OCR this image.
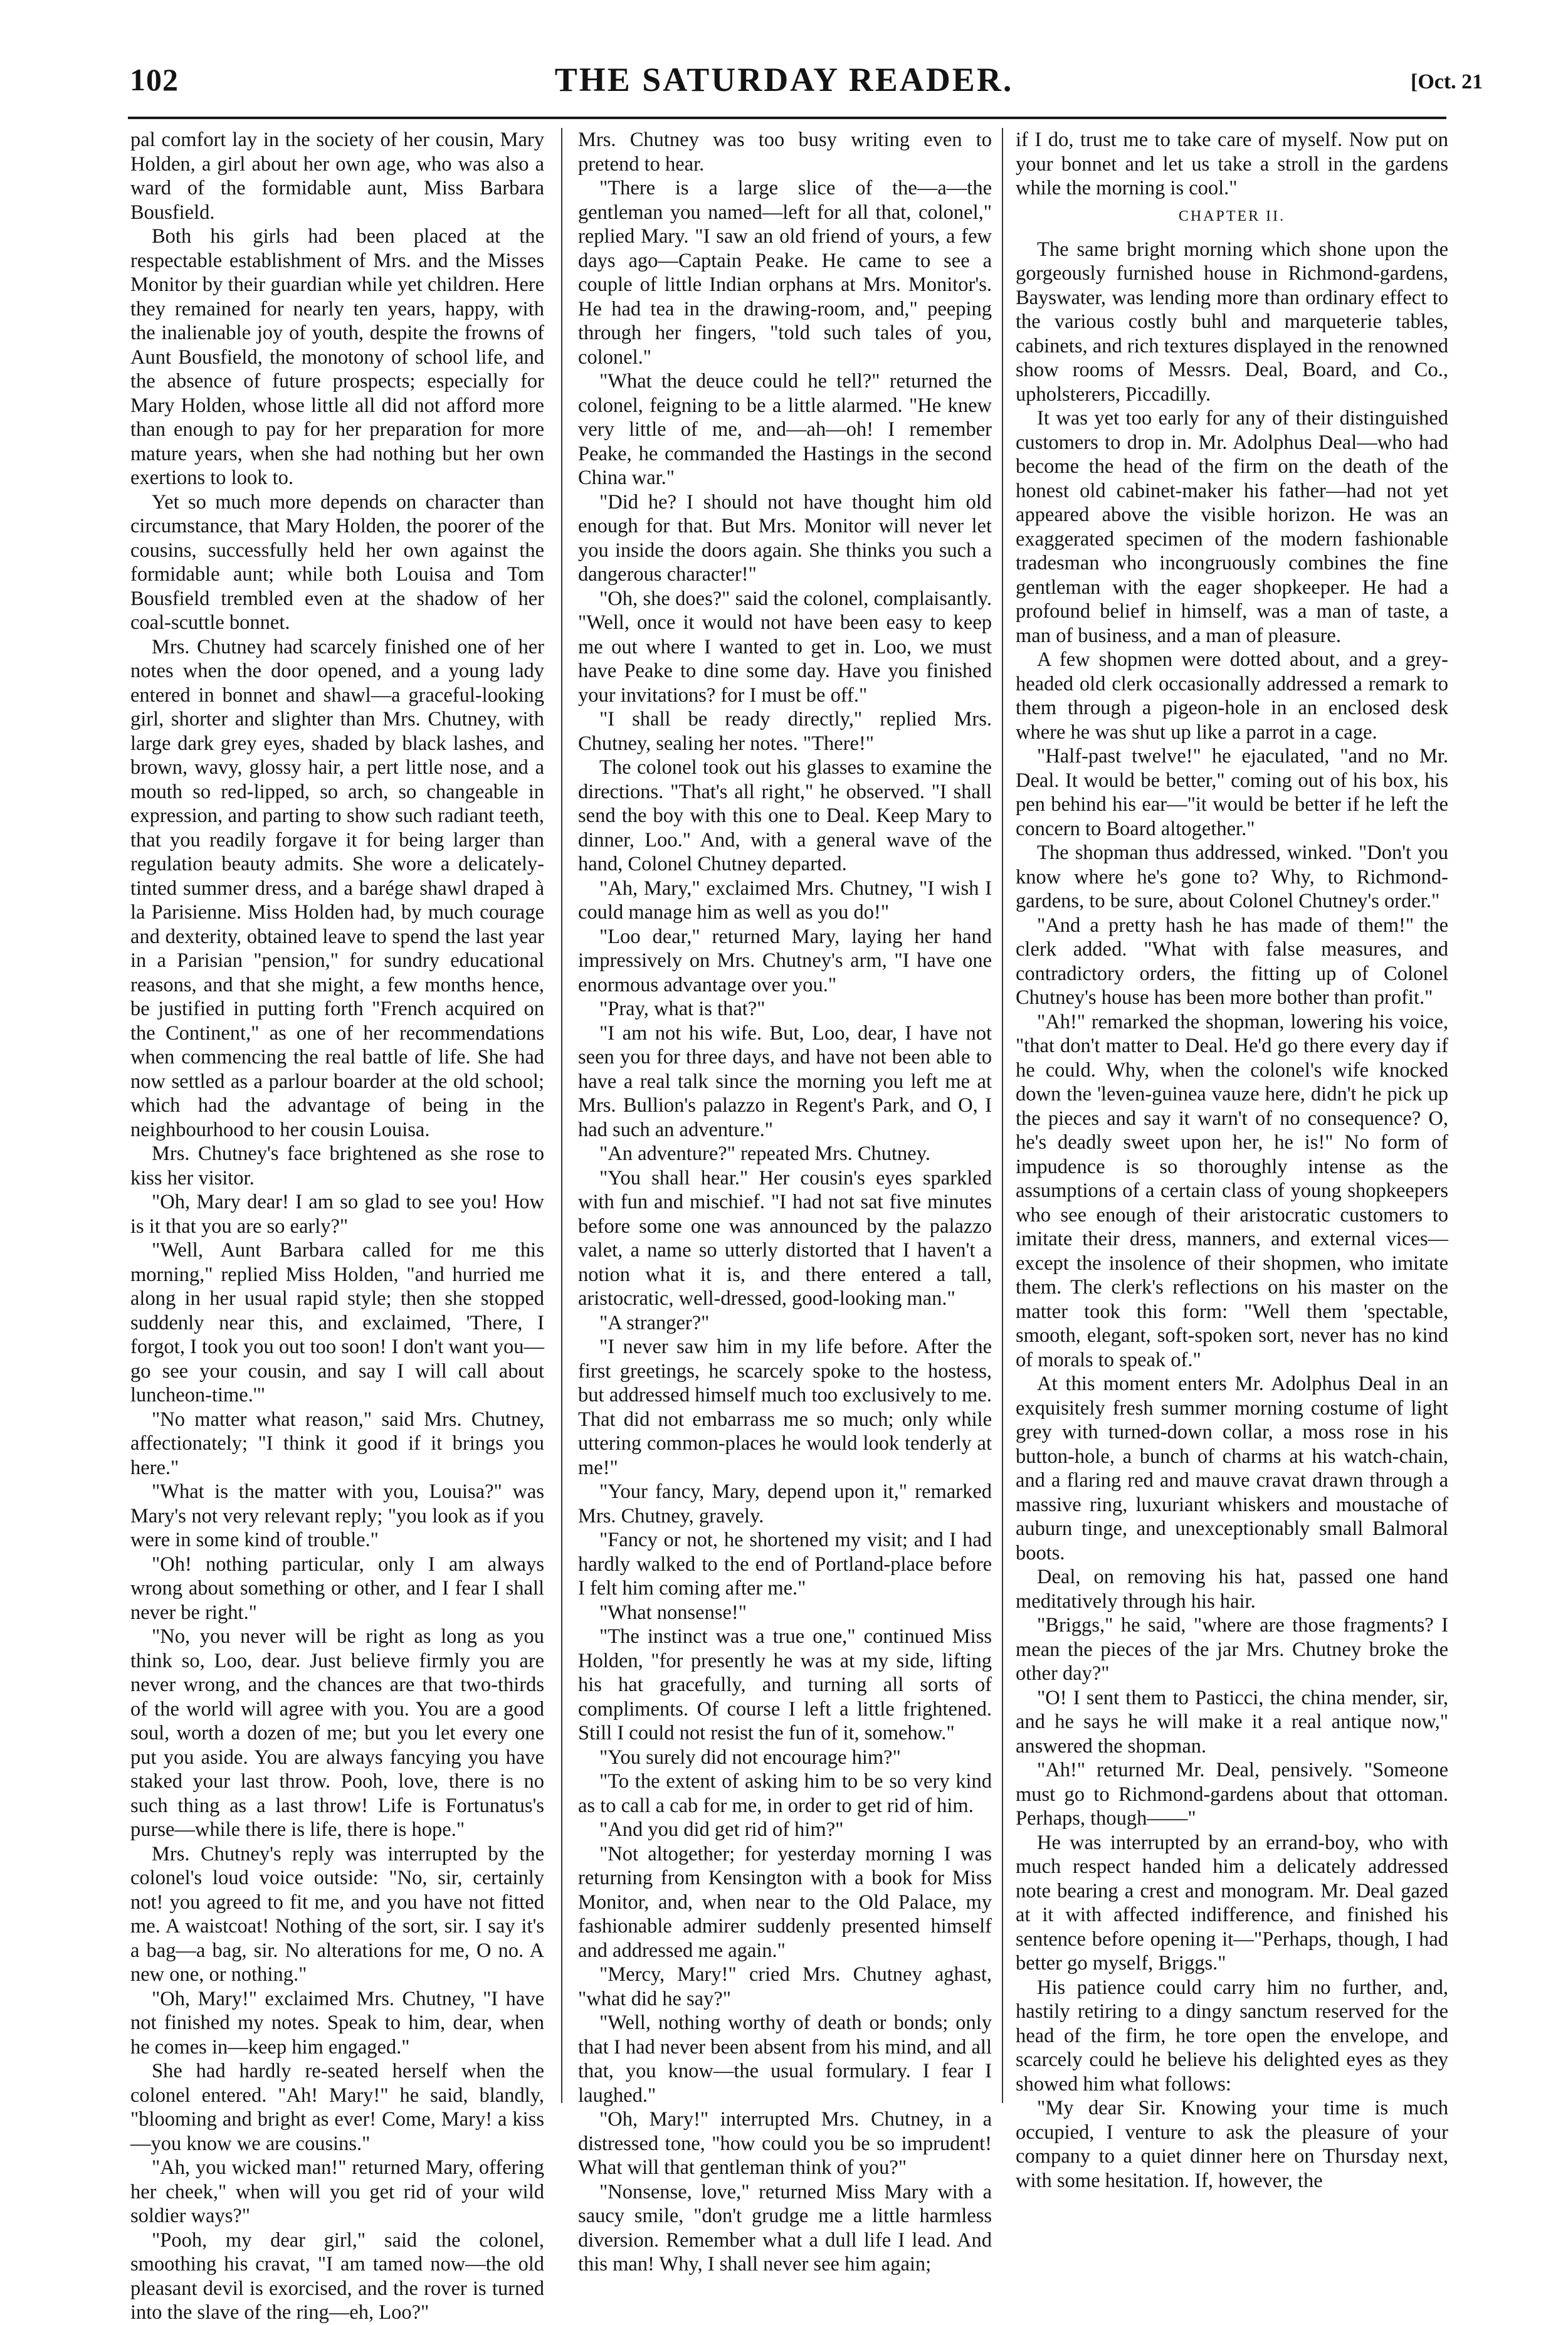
102	THE SATURDAY READER.	[Oct. 21

pal comfort lay in the society of her cousin, Mary Holden, a girl about her own age, who was also a ward of the formidable aunt, Miss Barbara Bousfield.

Both his girls had been placed at the respectable establishment of Mrs. and the Misses Monitor by their guardian while yet children. Here they remained for nearly ten years, happy, with the inalienable joy of youth, despite the frowns of Aunt Bousfield, the monotony of school life, and the absence of future prospects; especially for Mary Holden, whose little all did not afford more than enough to pay for her preparation for more mature years, when she had nothing but her own exertions to look to.

Yet so much more depends on character than circumstance, that Mary Holden, the poorer of the cousins, successfully held her own against the formidable aunt; while both Louisa and Tom Bousfield trembled even at the shadow of her coal-scuttle bonnet.

Mrs. Chutney had scarcely finished one of her notes when the door opened, and a young lady entered in bonnet and shawl—a graceful-looking girl, shorter and slighter than Mrs. Chutney, with large dark grey eyes, shaded by black lashes, and brown, wavy, glossy hair, a pert little nose, and a mouth so red-lipped, so arch, so changeable in expression, and parting to show such radiant teeth, that you readily forgave it for being larger than regulation beauty admits. She wore a delicately-tinted summer dress, and a barége shawl draped à la Parisienne. Miss Holden had, by much courage and dexterity, obtained leave to spend the last year in a Parisian "pension," for sundry educational reasons, and that she might, a few months hence, be justified in putting forth "French acquired on the Continent," as one of her recommendations when commencing the real battle of life. She had now settled as a parlour boarder at the old school; which had the advantage of being in the neighbourhood to her cousin Louisa.

Mrs. Chutney's face brightened as she rose to kiss her visitor.

"Oh, Mary dear! I am so glad to see you! How is it that you are so early?"

"Well, Aunt Barbara called for me this morning," replied Miss Holden, "and hurried me along in her usual rapid style; then she stopped suddenly near this, and exclaimed, 'There, I forgot, I took you out too soon! I don't want you—go see your cousin, and say I will call about luncheon-time.'"

"No matter what reason," said Mrs. Chutney, affectionately; "I think it good if it brings you here."

"What is the matter with you, Louisa?" was Mary's not very relevant reply; "you look as if you were in some kind of trouble."

"Oh! nothing particular, only I am always wrong about something or other, and I fear I shall never be right."

"No, you never will be right as long as you think so, Loo, dear. Just believe firmly you are never wrong, and the chances are that two-thirds of the world will agree with you. You are a good soul, worth a dozen of me; but you let every one put you aside. You are always fancying you have staked your last throw. Pooh, love, there is no such thing as a last throw! Life is Fortunatus's purse—while there is life, there is hope."

Mrs. Chutney's reply was interrupted by the colonel's loud voice outside: "No, sir, certainly not! you agreed to fit me, and you have not fitted me. A waistcoat! Nothing of the sort, sir. I say it's a bag—a bag, sir. No alterations for me, O no. A new one, or nothing."

"Oh, Mary!" exclaimed Mrs. Chutney, "I have not finished my notes. Speak to him, dear, when he comes in—keep him engaged."

She had hardly re-seated herself when the colonel entered. "Ah! Mary!" he said, blandly, "blooming and bright as ever! Come, Mary! a kiss—you know we are cousins."

"Ah, you wicked man!" returned Mary, offering her cheek," when will you get rid of your wild soldier ways?"

"Pooh, my dear girl," said the colonel, smoothing his cravat, "I am tamed now—the old pleasant devil is exorcised, and the rover is turned into the slave of the ring—eh, Loo?"

Mrs. Chutney was too busy writing even to pretend to hear.

"There is a large slice of the—a—the gentleman you named—left for all that, colonel," replied Mary. "I saw an old friend of yours, a few days ago—Captain Peake. He came to see a couple of little Indian orphans at Mrs. Monitor's. He had tea in the drawing-room, and," peeping through her fingers, "told such tales of you, colonel."

"What the deuce could he tell?" returned the colonel, feigning to be a little alarmed. "He knew very little of me, and—ah—oh! I remember Peake, he commanded the Hastings in the second China war."

"Did he? I should not have thought him old enough for that. But Mrs. Monitor will never let you inside the doors again. She thinks you such a dangerous character!"

"Oh, she does?" said the colonel, complaisantly. "Well, once it would not have been easy to keep me out where I wanted to get in. Loo, we must have Peake to dine some day. Have you finished your invitations? for I must be off."

"I shall be ready directly," replied Mrs. Chutney, sealing her notes. "There!"

The colonel took out his glasses to examine the directions. "That's all right," he observed. "I shall send the boy with this one to Deal. Keep Mary to dinner, Loo." And, with a general wave of the hand, Colonel Chutney departed.

"Ah, Mary," exclaimed Mrs. Chutney, "I wish I could manage him as well as you do!"

"Loo dear," returned Mary, laying her hand impressively on Mrs. Chutney's arm, "I have one enormous advantage over you."

"Pray, what is that?"

"I am not his wife. But, Loo, dear, I have not seen you for three days, and have not been able to have a real talk since the morning you left me at Mrs. Bullion's palazzo in Regent's Park, and O, I had such an adventure."

"An adventure?" repeated Mrs. Chutney.

"You shall hear." Her cousin's eyes sparkled with fun and mischief. "I had not sat five minutes before some one was announced by the palazzo valet, a name so utterly distorted that I haven't a notion what it is, and there entered a tall, aristocratic, well-dressed, good-looking man."

"A stranger?"

"I never saw him in my life before. After the first greetings, he scarcely spoke to the hostess, but addressed himself much too exclusively to me. That did not embarrass me so much; only while uttering common-places he would look tenderly at me!"

"Your fancy, Mary, depend upon it," remarked Mrs. Chutney, gravely.

"Fancy or not, he shortened my visit; and I had hardly walked to the end of Portland-place before I felt him coming after me."

"What nonsense!"

"The instinct was a true one," continued Miss Holden, "for presently he was at my side, lifting his hat gracefully, and turning all sorts of compliments. Of course I left a little frightened. Still I could not resist the fun of it, somehow."

"You surely did not encourage him?"

"To the extent of asking him to be so very kind as to call a cab for me, in order to get rid of him.

"And you did get rid of him?"

"Not altogether; for yesterday morning I was returning from Kensington with a book for Miss Monitor, and, when near to the Old Palace, my fashionable admirer suddenly presented himself and addressed me again."

"Mercy, Mary!" cried Mrs. Chutney aghast, "what did he say?"

"Well, nothing worthy of death or bonds; only that I had never been absent from his mind, and all that, you know—the usual formulary. I fear I laughed."

"Oh, Mary!" interrupted Mrs. Chutney, in a distressed tone, "how could you be so imprudent! What will that gentleman think of you?"

"Nonsense, love," returned Miss Mary with a saucy smile, "don't grudge me a little harmless diversion. Remember what a dull life I lead. And this man! Why, I shall never see him again;

if I do, trust me to take care of myself. Now put on your bonnet and let us take a stroll in the gardens while the morning is cool."

CHAPTER II.

The same bright morning which shone upon the gorgeously furnished house in Richmond-gardens, Bayswater, was lending more than ordinary effect to the various costly buhl and marqueterie tables, cabinets, and rich textures displayed in the renowned show rooms of Messrs. Deal, Board, and Co., upholsterers, Piccadilly.

It was yet too early for any of their distinguished customers to drop in. Mr. Adolphus Deal—who had become the head of the firm on the death of the honest old cabinet-maker his father—had not yet appeared above the visible horizon. He was an exaggerated specimen of the modern fashionable tradesman who incongruously combines the fine gentleman with the eager shopkeeper. He had a profound belief in himself, was a man of taste, a man of business, and a man of pleasure.

A few shopmen were dotted about, and a grey-headed old clerk occasionally addressed a remark to them through a pigeon-hole in an enclosed desk where he was shut up like a parrot in a cage.

"Half-past twelve!" he ejaculated, "and no Mr. Deal. It would be better," coming out of his box, his pen behind his ear—"it would be better if he left the concern to Board altogether."

The shopman thus addressed, winked. "Don't you know where he's gone to? Why, to Richmond-gardens, to be sure, about Colonel Chutney's order."

"And a pretty hash he has made of them!" the clerk added. "What with false measures, and contradictory orders, the fitting up of Colonel Chutney's house has been more bother than profit."

"Ah!" remarked the shopman, lowering his voice, "that don't matter to Deal. He'd go there every day if he could. Why, when the colonel's wife knocked down the 'leven-guinea vauze here, didn't he pick up the pieces and say it warn't of no consequence? O, he's deadly sweet upon her, he is!" No form of impudence is so thoroughly intense as the assumptions of a certain class of young shopkeepers who see enough of their aristocratic customers to imitate their dress, manners, and external vices—except the insolence of their shopmen, who imitate them. The clerk's reflections on his master on the matter took this form: "Well them 'spectable, smooth, elegant, soft-spoken sort, never has no kind of morals to speak of."

At this moment enters Mr. Adolphus Deal in an exquisitely fresh summer morning costume of light grey with turned-down collar, a moss rose in his button-hole, a bunch of charms at his watch-chain, and a flaring red and mauve cravat drawn through a massive ring, luxuriant whiskers and moustache of auburn tinge, and unexceptionably small Balmoral boots.

Deal, on removing his hat, passed one hand meditatively through his hair.

"Briggs," he said, "where are those fragments? I mean the pieces of the jar Mrs. Chutney broke the other day?"

"O! I sent them to Pasticci, the china mender, sir, and he says he will make it a real antique now," answered the shopman.

"Ah!" returned Mr. Deal, pensively. "Someone must go to Richmond-gardens about that ottoman. Perhaps, though——"

He was interrupted by an errand-boy, who with much respect handed him a delicately addressed note bearing a crest and monogram. Mr. Deal gazed at it with affected indifference, and finished his sentence before opening it—"Perhaps, though, I had better go myself, Briggs."

His patience could carry him no further, and, hastily retiring to a dingy sanctum reserved for the head of the firm, he tore open the envelope, and scarcely could he believe his delighted eyes as they showed him what follows:

"My dear Sir. Knowing your time is much occupied, I venture to ask the pleasure of your company to a quiet dinner here on Thursday next, with some hesitation. If, however, the
